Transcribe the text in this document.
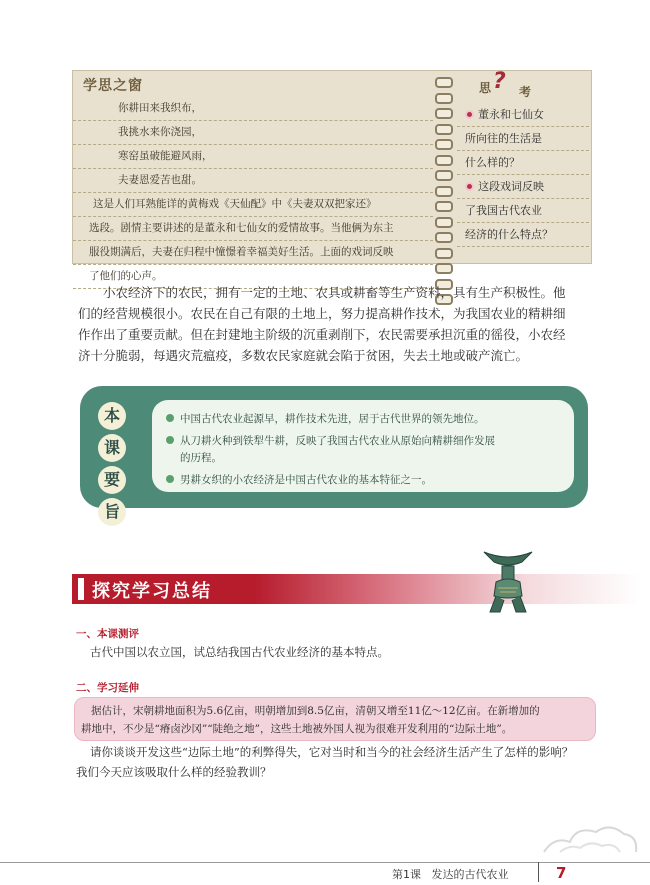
学思之窗
你耕田来我织布，
我挑水来你浇园，
寒窑虽破能避风雨，
夫妻恩爱苦也甜。
这是人们耳熟能详的黄梅戏《天仙配》中《夫妻双双把家还》
选段。剧情主要讲述的是董永和七仙女的爱情故事。当他俩为东主
服役期满后，夫妻在归程中憧憬着幸福美好生活。上面的戏词反映
了他们的心声。
思 ? 考
董永和七仙女
所向往的生活是
什么样的？
这段戏词反映
了我国古代农业
经济的什么特点？

小农经济下的农民，拥有一定的土地、农具或耕畜等生产资料，具有生产积极性。他

们的经营规模很小。农民在自己有限的土地上，努力提高耕作技术，为我国农业的精耕细

作作出了重要贡献。但在封建地主阶级的沉重剥削下，农民需要承担沉重的徭役，小农经

济十分脆弱，每遇灾荒瘟疫，多数农民家庭就会陷于贫困，失去土地或破产流亡。

本
课
要
旨
中国古代农业起源早，耕作技术先进，居于古代世界的领先地位。
从刀耕火种到铁犁牛耕，反映了我国古代农业从原始向精耕细作发展
的历程。
男耕女织的小农经济是中国古代农业的基本特征之一。
探究学习总结
一、本课测评
古代中国以农立国，试总结我国古代农业经济的基本特点。
二、学习延伸
据估计，宋朝耕地面积为5.6亿亩，明朝增加到8.5亿亩，清朝又增至11亿～12亿亩。在新增加的
耕地中，不少是“瘠卤沙冈”“陡绝之地”，这些土地被外国人视为很难开发利用的“边际土地”。
请你谈谈开发这些“边际土地”的利弊得失，它对当时和当今的社会经济生活产生了怎样的影响？
我们今天应该吸取什么样的经验教训？
第1课 发达的古代农业	7
